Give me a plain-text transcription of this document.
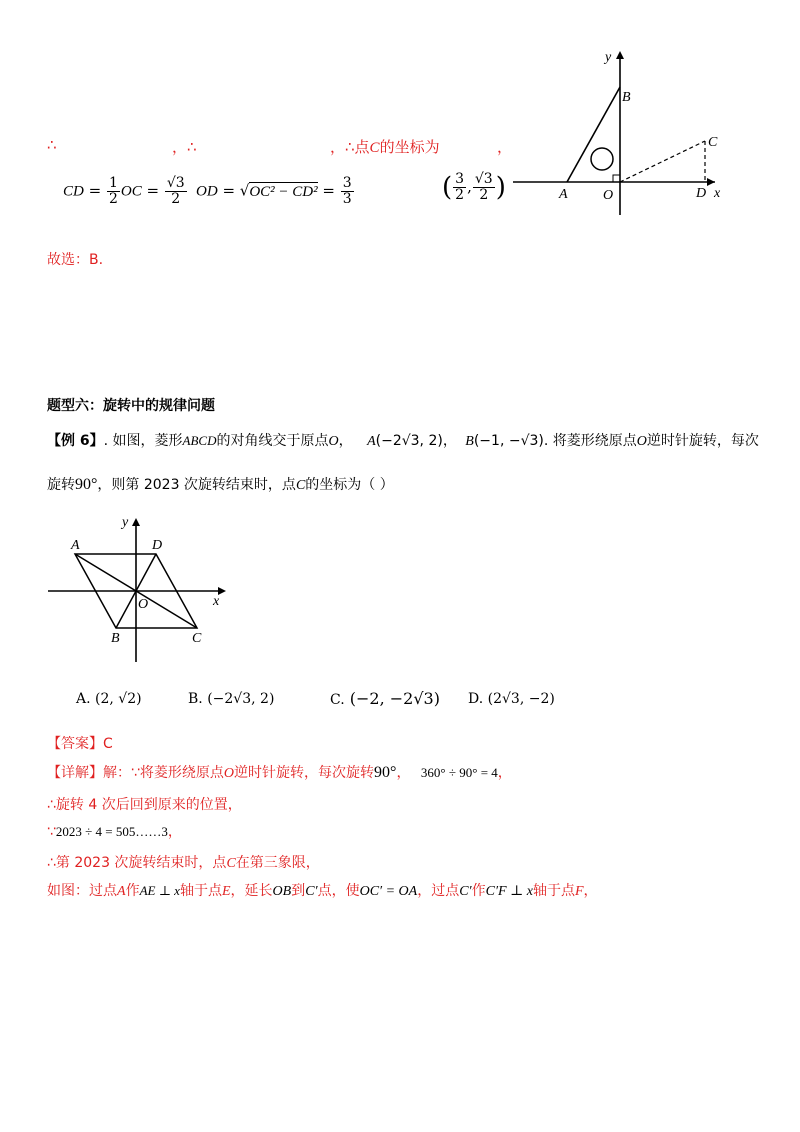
∴	，∴	，∴点C的坐标为	，
CD = $\frac{1}{2}$ OC = $\frac{√3}{2}$ OD = $√OC^2 - CD^2 = \frac{3}{3}$	( $\frac{3}{2}$ , $\frac{√3}{2}$ )
y
B
C
A	O	D x
故选：B.
题型六：旋转中的规律问题
【例 6】. 如图，菱形ABCD的对角线交于原点O， A(−2√3, 2)， B(−1, −√3). 将菱形绕原点O逆时针旋转，每次
旋转90°，则第 2023 次旋转结束时，点C的坐标为（ ）
y
A	D
x
O
B	C
A. (2, √2)	B. (−2√3, 2)	C. (−2, −2√3) D. (2√3, −2)
【答案】C
【详解】解：∵将菱形绕原点O逆时针旋转，每次旋转90°， 360° ÷ 90° = 4，
∴旋转 4 次后回到原来的位置，
∵2023 ÷ 4 = 505……3，
∴第 2023 次旋转结束时，点C在第三象限，
如图：过点A作AE ⊥ x轴于点E，延长OB到C′点，使OC′ = OA，过点C′作C′F ⊥ x轴于点F，
